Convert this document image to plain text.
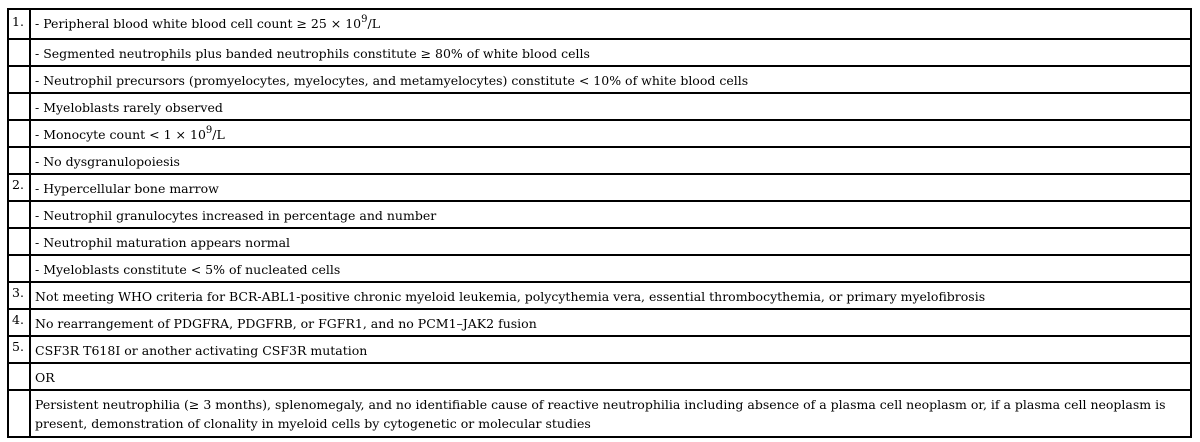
1.	- Peripheral blood white blood cell count ≥ $25 \times 10^9/L$
	- Segmented neutrophils plus banded neutrophils constitute ≥ 80% of white blood cells
	- Neutrophil precursors (promyelocytes, myelocytes, and metamyelocytes) constitute < 10% of white blood cells
	- Myeloblasts rarely observed
	- Monocyte count < $1 \times 10^9/L$
	- No dysgranulopoiesis
2.	- Hypercellular bone marrow
	- Neutrophil granulocytes increased in percentage and number
	- Neutrophil maturation appears normal
	- Myeloblasts constitute < 5% of nucleated cells
3.	Not meeting WHO criteria for BCR-ABL1-positive chronic myeloid leukemia, polycythemia vera, essential thrombocythemia, or primary myelofibrosis
4.	No rearrangement of PDGFRA, PDGFRB, or FGFR1, and no PCM1–JAK2 fusion
5.	CSF3R T618I or another activating CSF3R mutation
	OR
	Persistent neutrophilia (≥ 3 months), splenomegaly, and no identifiable cause of reactive neutrophilia including absence of a plasma cell neoplasm or, if a plasma cell neoplasm is present, demonstration of clonality in myeloid cells by cytogenetic or molecular studies
